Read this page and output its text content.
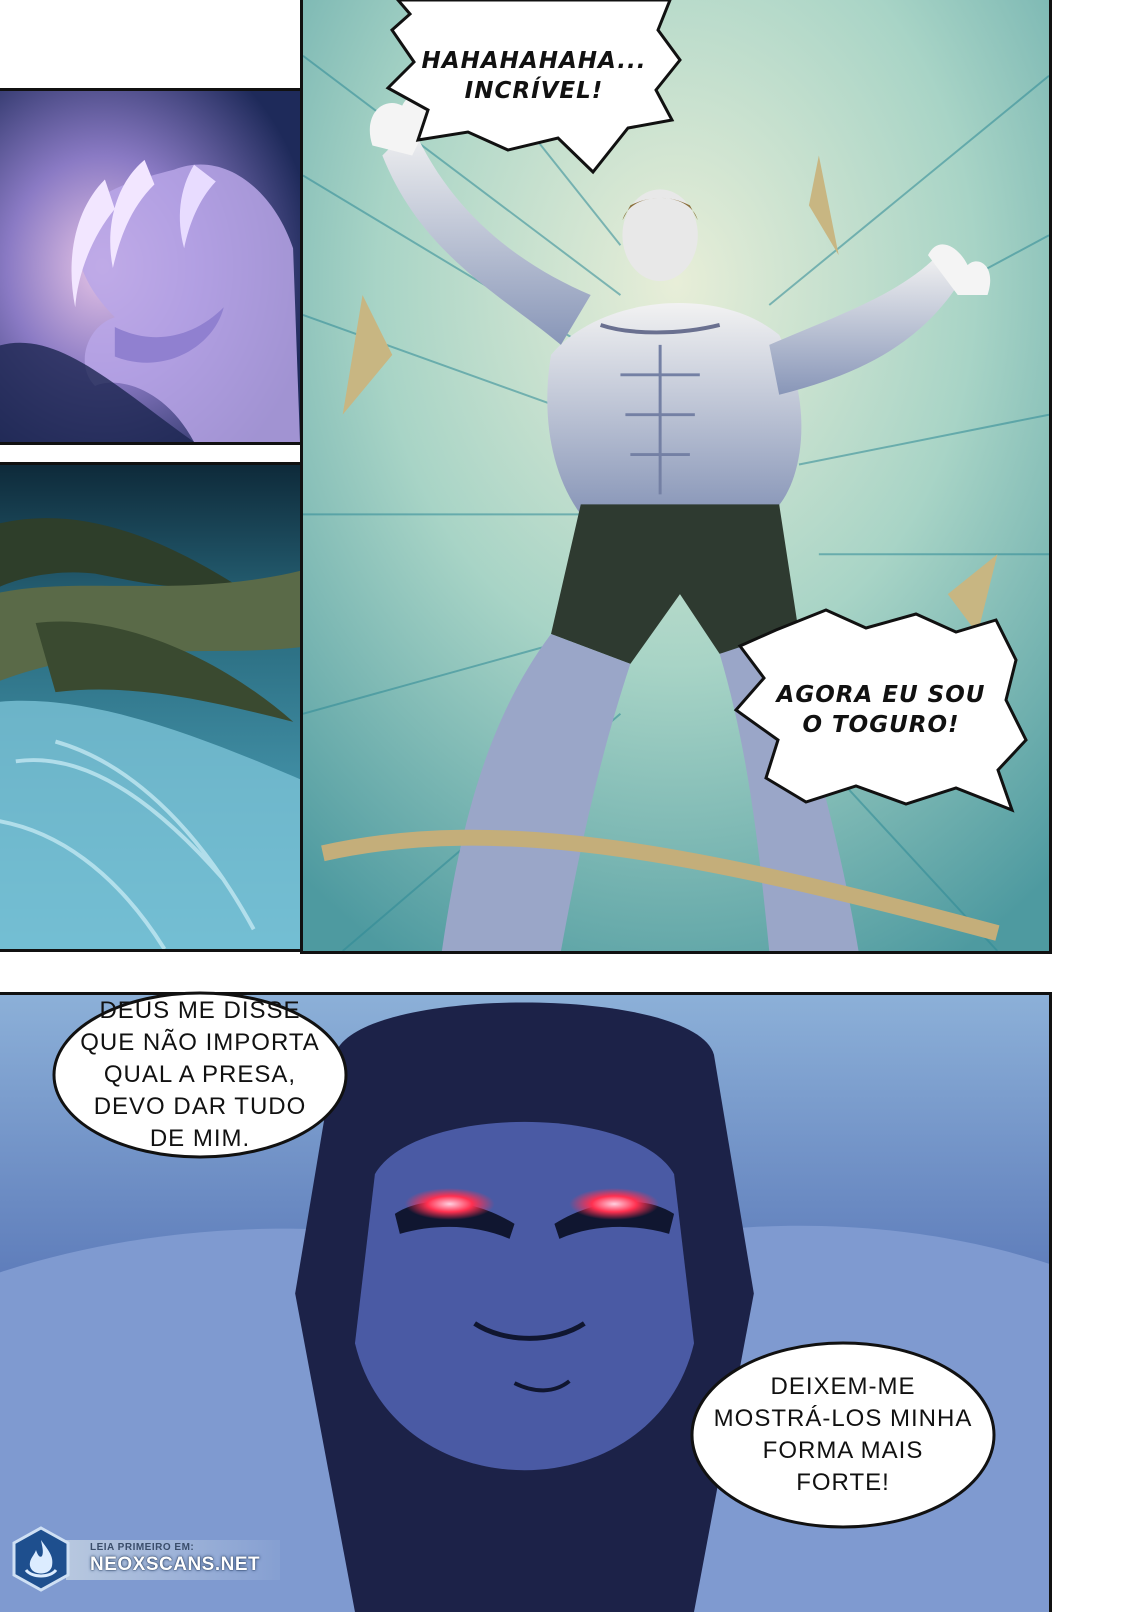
HAHAHAHAHA...
INCRÍVEL!
AGORA EU SOU
O TOGURO!
DEUS ME DISSE
QUE NÃO IMPORTA
QUAL A PRESA,
DEVO DAR TUDO
DE MIM.
DEIXEM-ME
MOSTRÁ-LOS MINHA
FORMA MAIS
FORTE!
LEIA PRIMEIRO EM:
NEOXSCANS.NET
